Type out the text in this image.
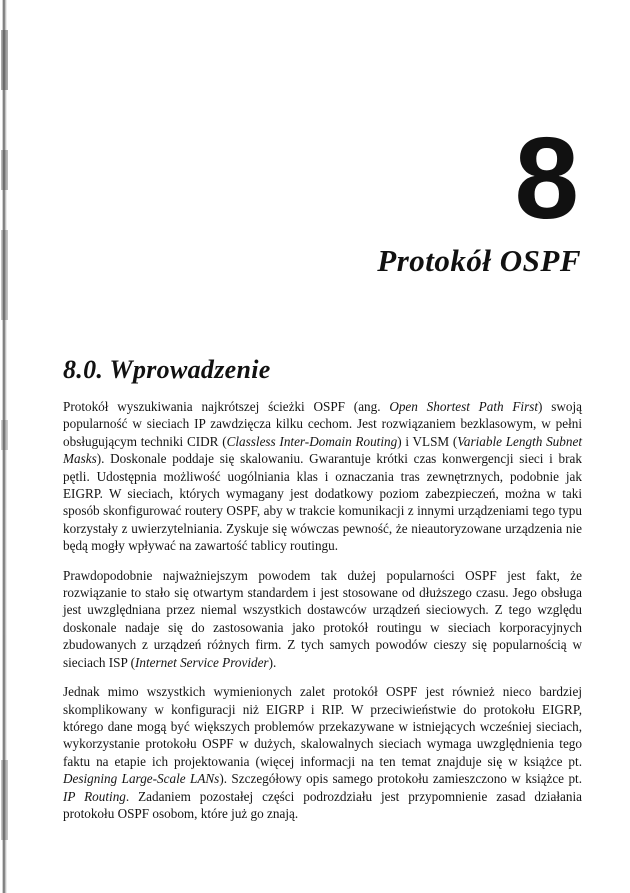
8
Protokół OSPF
8.0. Wprowadzenie

Protokół wyszukiwania najkrótszej ścieżki OSPF (ang. Open Shortest Path First) swoją popularność w sieciach IP zawdzięcza kilku cechom. Jest rozwiązaniem bezklasowym, w pełni obsługującym techniki CIDR (Classless Inter-Domain Routing) i VLSM (Variable Length Subnet Masks). Doskonale poddaje się skalowaniu. Gwarantuje krótki czas konwergencji sieci i brak pętli. Udostępnia możliwość uogólniania klas i oznaczania tras zewnętrznych, podobnie jak EIGRP. W sieciach, których wymagany jest dodatkowy poziom zabezpieczeń, można w taki sposób skonfigurować routery OSPF, aby w trakcie komunikacji z innymi urządzeniami tego typu korzystały z uwierzytelniania. Zyskuje się wówczas pewność, że nieautoryzowane urządzenia nie będą mogły wpływać na zawartość tablicy routingu.

Prawdopodobnie najważniejszym powodem tak dużej popularności OSPF jest fakt, że rozwiązanie to stało się otwartym standardem i jest stosowane od dłuższego czasu. Jego obsługa jest uwzględniana przez niemal wszystkich dostawców urządzeń sieciowych. Z tego względu doskonale nadaje się do zastosowania jako protokół routingu w sieciach korporacyjnych zbudowanych z urządzeń różnych firm. Z tych samych powodów cieszy się popularnością w sieciach ISP (Internet Service Provider).

Jednak mimo wszystkich wymienionych zalet protokół OSPF jest również nieco bardziej skomplikowany w konfiguracji niż EIGRP i RIP. W przeciwieństwie do protokołu EIGRP, którego dane mogą być większych problemów przekazywane w istniejących wcześniej sieciach, wykorzystanie protokołu OSPF w dużych, skalowalnych sieciach wymaga uwzględnienia tego faktu na etapie ich projektowania (więcej informacji na ten temat znajduje się w książce pt. Designing Large-Scale LANs). Szczegółowy opis samego protokołu zamieszczono w książce pt. IP Routing. Zadaniem pozostałej części podrozdziału jest przypomnienie zasad działania protokołu OSPF osobom, które już go znają.
